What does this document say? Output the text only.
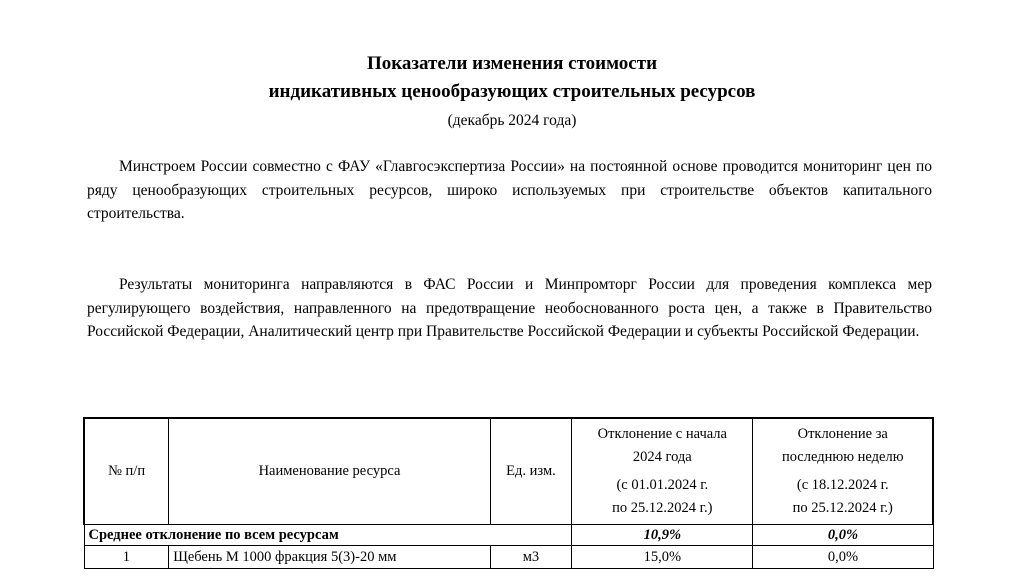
Показатели изменения стоимости
индикативных ценообразующих строительных ресурсов
(декабрь 2024 года)
Минстроем России совместно с ФАУ «Главгосэкспертиза России» на постоянной основе проводится мониторинг цен по ряду ценообразующих строительных ресурсов, широко используемых при строительстве объектов капитального строительства.
Результаты мониторинга направляются в ФАС России и Минпромторг России для проведения комплекса мер регулирующего воздействия, направленного на предотвращение необоснованного роста цен, а также в Правительство Российской Федерации, Аналитический центр при Правительстве Российской Федерации и субъекты Российской Федерации.
№ п/п	Наименование ресурса	Ед. изм.	Отклонение с начала
2024 года
(с 01.01.2024 г.
по 25.12.2024 г.)	Отклонение за
последнюю неделю
(с 18.12.2024 г.
по 25.12.2024 г.)

Среднее отклонение по всем ресурсам			10,9%	0,0%
1	Щебень М 1000 фракция 5(3)-20 мм	м3	15,0%	0,0%
